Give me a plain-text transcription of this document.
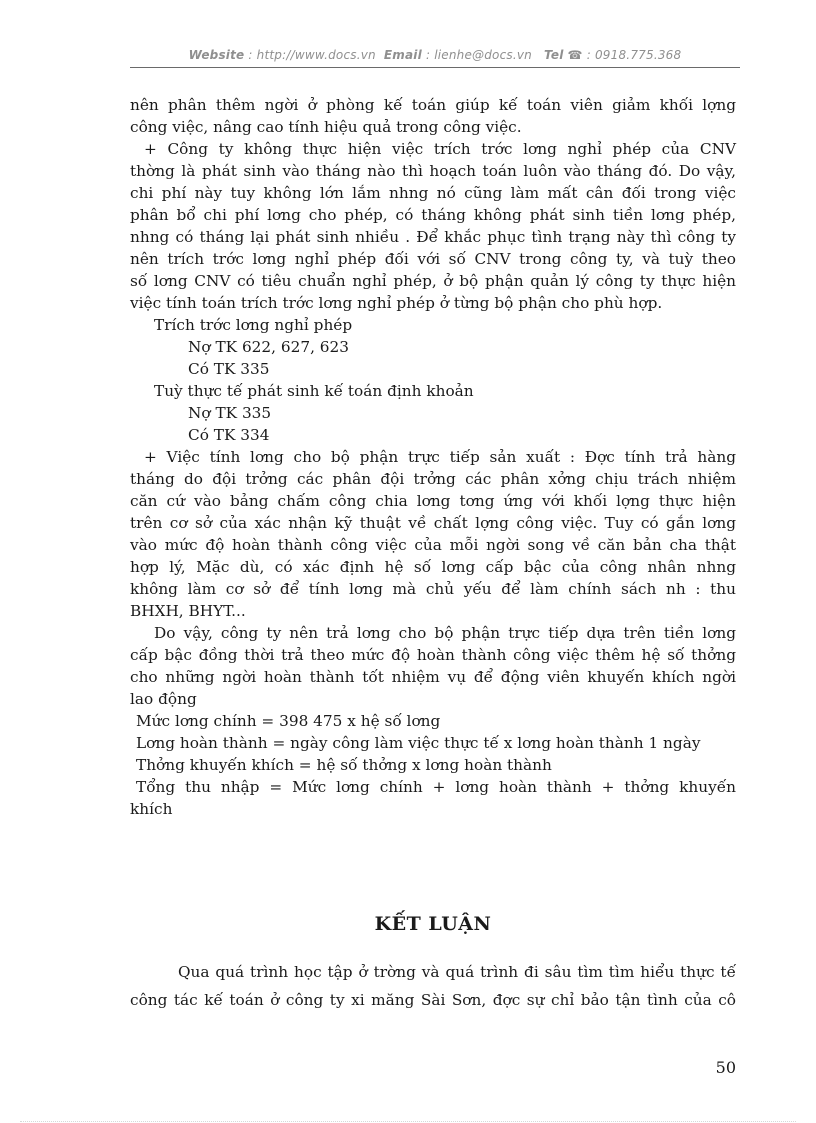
Website : http://www.docs.vn Email : lienhe@docs.vn Tel ☎ : 0918.775.368

nên phân thêm ngời ở phòng kế toán giúp kế toán viên giảm khối lợng

công việc, nâng cao tính hiệu quả trong công việc.

+ Công ty không thực hiện việc trích trớc lơng nghỉ phép của CNV

thờng là phát sinh vào tháng nào thì hoạch toán luôn vào tháng đó. Do vậy,

chi phí này tuy không lớn lắm nhng nó cũng làm mất cân đối trong việc

phân bổ chi phí lơng cho phép, có tháng không phát sinh tiền lơng phép,

nhng có tháng lại phát sinh nhiều . Để khắc phục tình trạng này thì công ty

nên trích trớc lơng nghỉ phép đối với số CNV trong công ty, và tuỳ theo

số lơng CNV có tiêu chuẩn nghỉ phép, ở bộ phận quản lý công ty thực hiện

việc tính toán trích trớc lơng nghỉ phép ở từng bộ phận cho phù hợp.

Trích trớc lơng nghỉ phép

Nợ TK 622, 627, 623

Có TK 335

Tuỳ thực tế phát sinh kế toán định khoản

Nợ TK 335

Có TK 334

+ Việc tính lơng cho bộ phận trực tiếp sản xuất : Đợc tính trả hàng

tháng do đội trởng các phân đội trởng các phân xởng chịu trách nhiệm

căn cứ vào bảng chấm công chia lơng tơng ứng với khối lợng thực hiện

trên cơ sở của xác nhận kỹ thuật về chất lợng công việc. Tuy có gắn lơng

vào mức độ hoàn thành công việc của mỗi ngời song về căn bản cha thật

hợp lý, Mặc dù, có xác định hệ số lơng cấp bậc của công nhân nhng

không làm cơ sở để tính lơng mà chủ yếu để làm chính sách nh : thu

BHXH, BHYT...

Do vậy, công ty nên trả lơng cho bộ phận trực tiếp dựa trên tiền lơng

cấp bậc đồng thời trả theo mức độ hoàn thành công việc thêm hệ số thởng

cho những ngời hoàn thành tốt nhiệm vụ để động viên khuyến khích ngời

lao động

Mức lơng chính = 398 475 x hệ số lơng

Lơng hoàn thành = ngày công làm việc thực tế x lơng hoàn thành 1 ngày

Thởng khuyến khích = hệ số thởng x lơng hoàn thành

Tổng thu nhập = Mức lơng chính + lơng hoàn thành + thởng khuyến

khích

KẾT LUẬN

Qua quá trình học tập ở trờng và quá trình đi sâu tìm tìm hiểu thực tế

công tác kế toán ở công ty xi măng Sài Sơn, đợc sự chỉ bảo tận tình của cô

50
